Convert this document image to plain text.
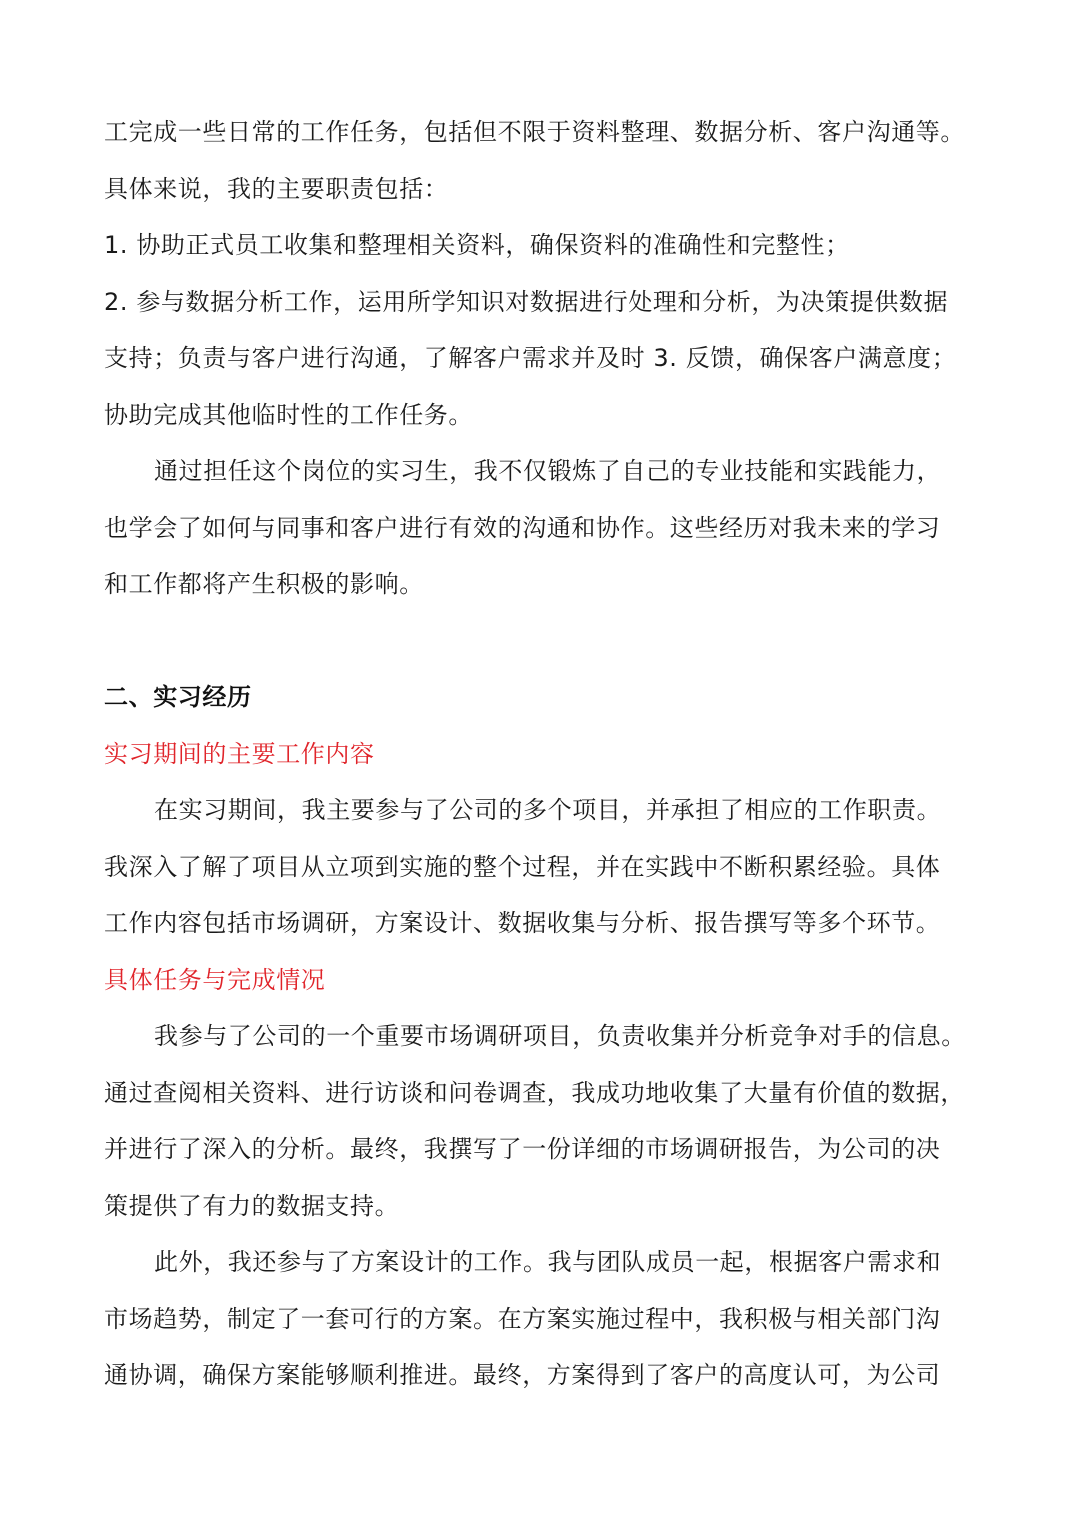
工完成一些日常的工作任务，包括但不限于资料整理、数据分析、客户沟通等。
具体来说，我的主要职责包括：
1. 协助正式员工收集和整理相关资料，确保资料的准确性和完整性；
2. 参与数据分析工作，运用所学知识对数据进行处理和分析，为决策提供数据
支持；负责与客户进行沟通，了解客户需求并及时 3. 反馈，确保客户满意度；
协助完成其他临时性的工作任务。
通过担任这个岗位的实习生，我不仅锻炼了自己的专业技能和实践能力，
也学会了如何与同事和客户进行有效的沟通和协作。这些经历对我未来的学习
和工作都将产生积极的影响。
二、实习经历
实习期间的主要工作内容
在实习期间，我主要参与了公司的多个项目，并承担了相应的工作职责。
我深入了解了项目从立项到实施的整个过程，并在实践中不断积累经验。具体
工作内容包括市场调研，方案设计、数据收集与分析、报告撰写等多个环节。
具体任务与完成情况
我参与了公司的一个重要市场调研项目，负责收集并分析竞争对手的信息。
通过查阅相关资料、进行访谈和问卷调查，我成功地收集了大量有价值的数据，
并进行了深入的分析。最终，我撰写了一份详细的市场调研报告，为公司的决
策提供了有力的数据支持。
此外，我还参与了方案设计的工作。我与团队成员一起，根据客户需求和
市场趋势，制定了一套可行的方案。在方案实施过程中，我积极与相关部门沟
通协调，确保方案能够顺利推进。最终，方案得到了客户的高度认可，为公司
